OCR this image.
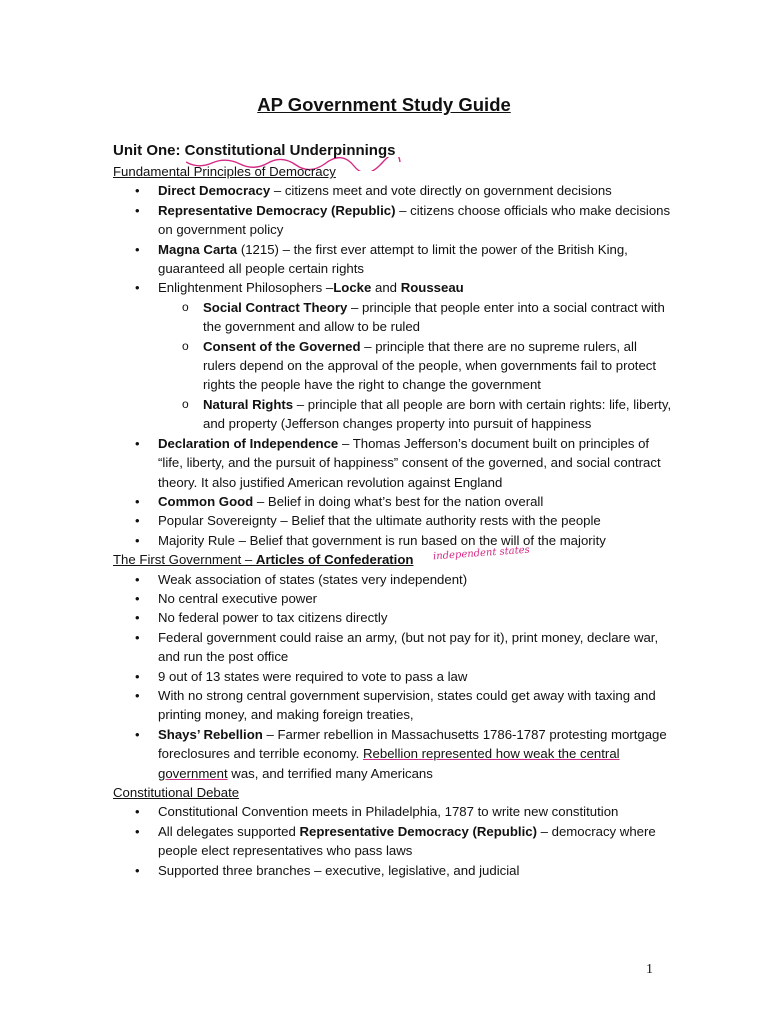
AP Government Study Guide
Unit One: Constitutional Underpinnings
Fundamental Principles of Democracy
• Direct Democracy – citizens meet and vote directly on government decisions
• Representative Democracy (Republic) – citizens choose officials who make decisions on government policy
• Magna Carta (1215) – the first ever attempt to limit the power of the British King, guaranteed all people certain rights
• Enlightenment Philosophers –Locke and Rousseau
o Social Contract Theory – principle that people enter into a social contract with the government and allow to be ruled
o Consent of the Governed – principle that there are no supreme rulers, all rulers depend on the approval of the people, when governments fail to protect rights the people have the right to change the government
o Natural Rights – principle that all people are born with certain rights: life, liberty, and property (Jefferson changes property into pursuit of happiness
• Declaration of Independence – Thomas Jefferson’s document built on principles of “life, liberty, and the pursuit of happiness” consent of the governed, and social contract theory. It also justified American revolution against England
• Common Good – Belief in doing what’s best for the nation overall
• Popular Sovereignty – Belief that the ultimate authority rests with the people
• Majority Rule – Belief that government is run based on the will of the majority
The First Government – Articles of Confederation independent states
• Weak association of states (states very independent)
• No central executive power
• No federal power to tax citizens directly
• Federal government could raise an army, (but not pay for it), print money, declare war, and run the post office
• 9 out of 13 states were required to vote to pass a law
• With no strong central government supervision, states could get away with taxing and printing money, and making foreign treaties,
• Shays’ Rebellion – Farmer rebellion in Massachusetts 1786-1787 protesting mortgage foreclosures and terrible economy. Rebellion represented how weak the central government was, and terrified many Americans
Constitutional Debate
• Constitutional Convention meets in Philadelphia, 1787 to write new constitution
• All delegates supported Representative Democracy (Republic) – democracy where people elect representatives who pass laws
• Supported three branches – executive, legislative, and judicial
1
